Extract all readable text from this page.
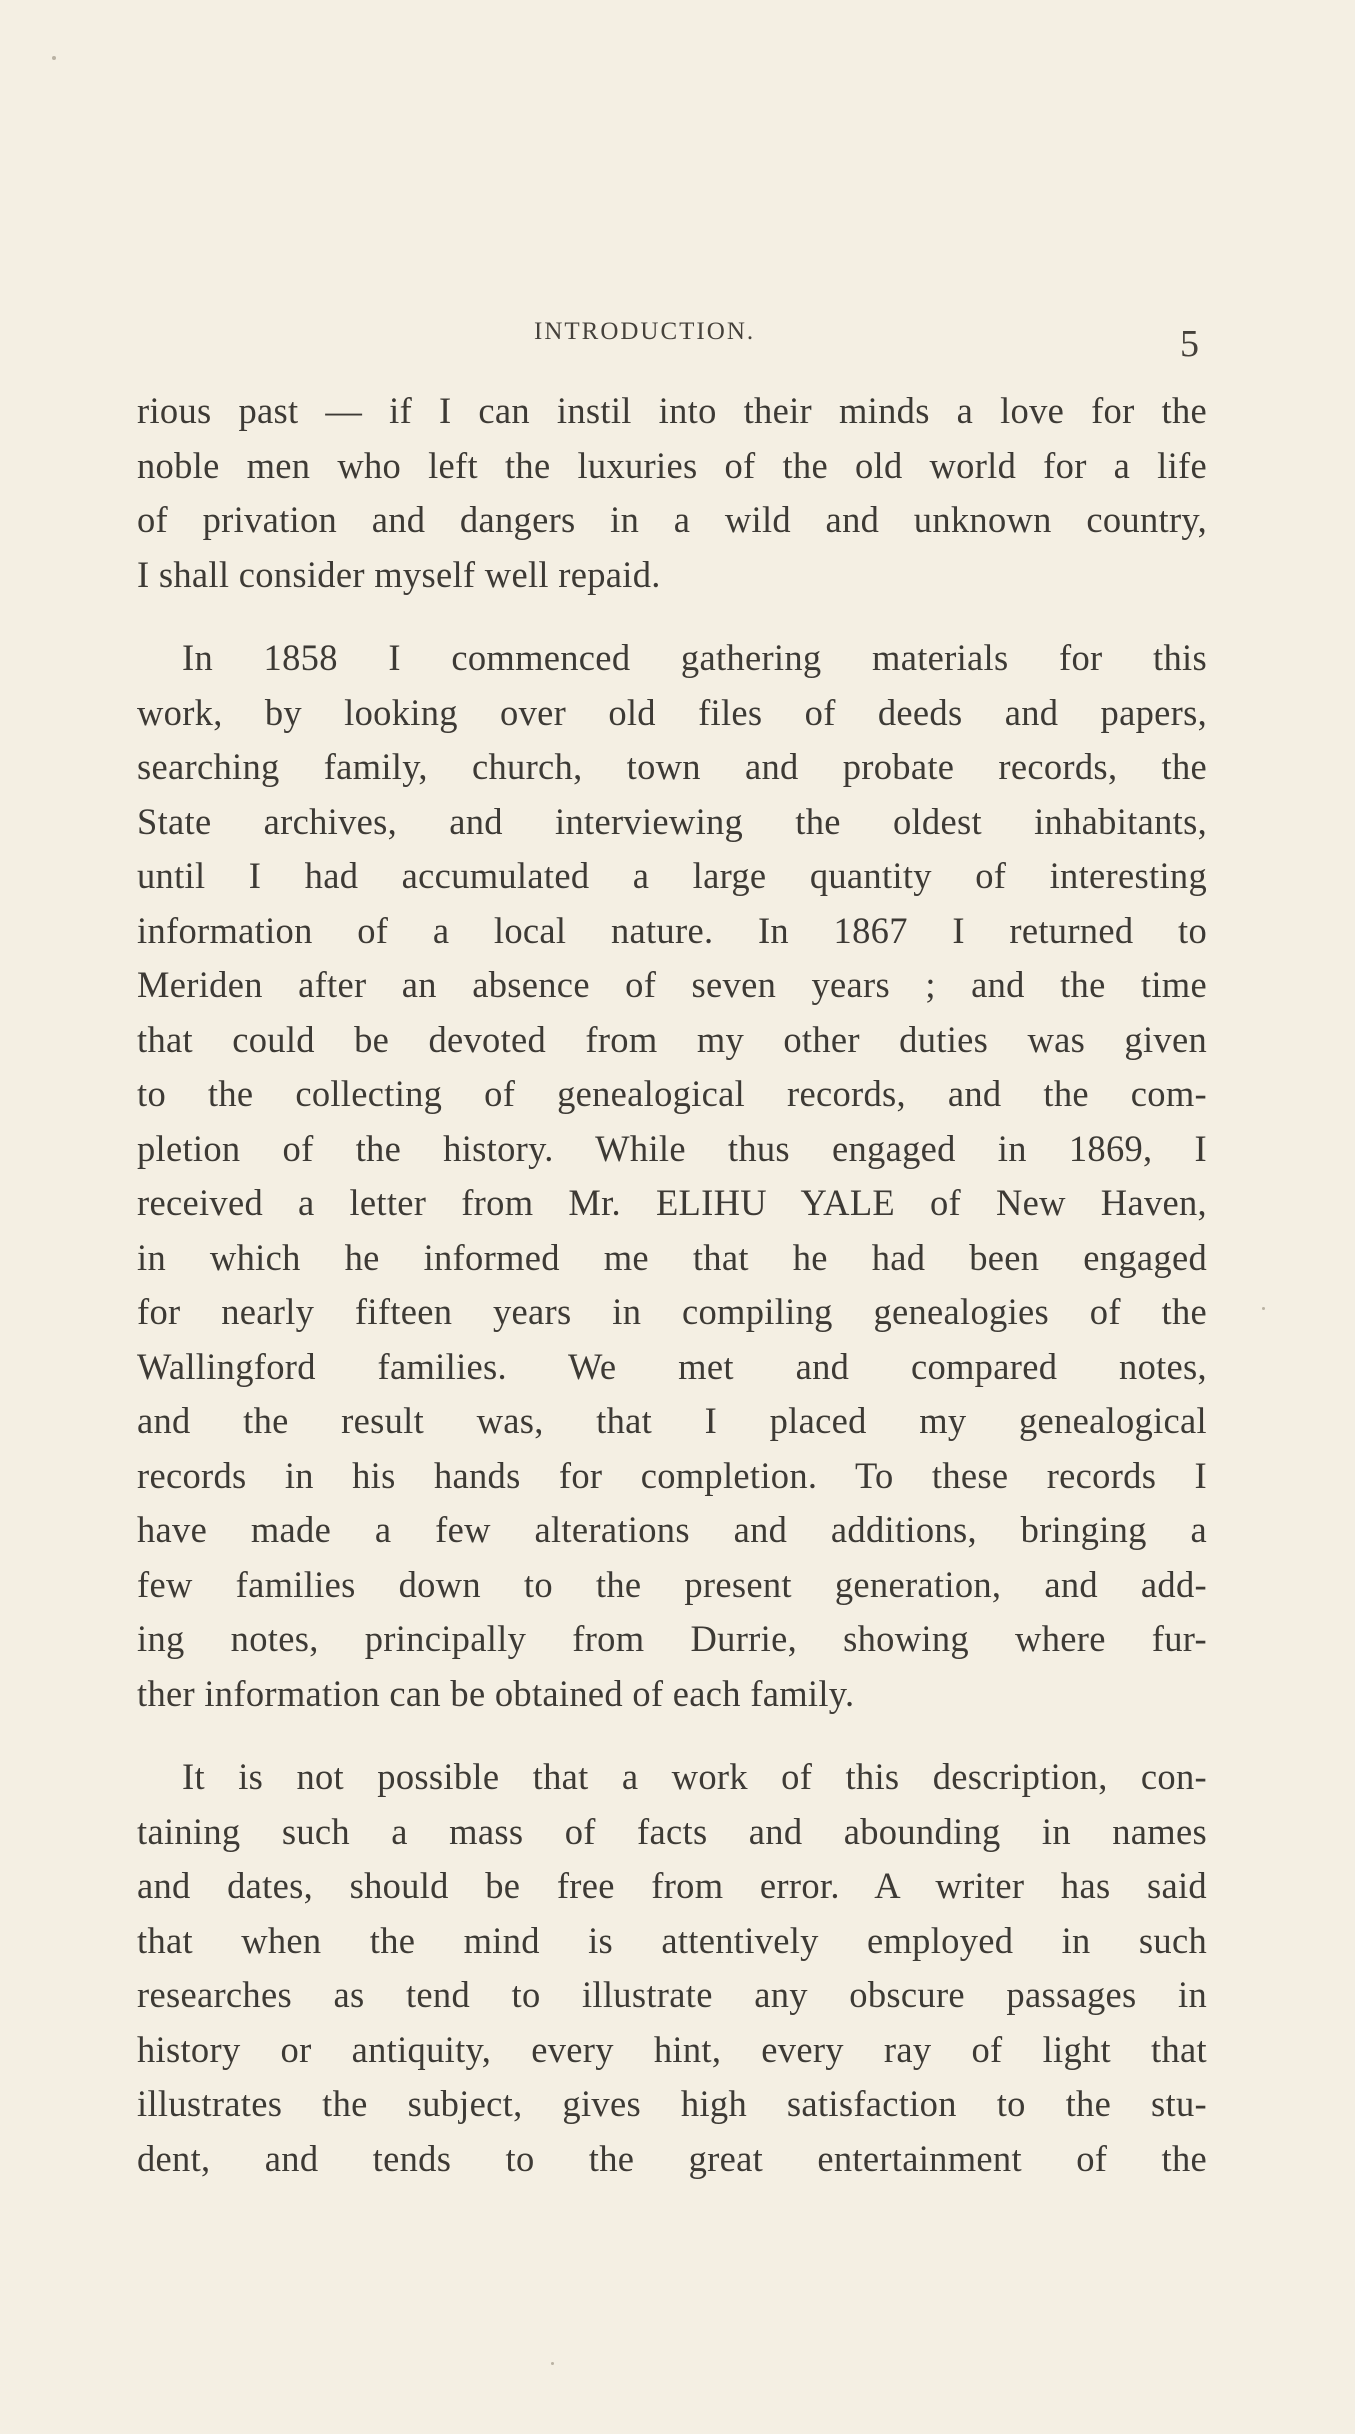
INTRODUCTION.	5
rious past — if I can instil into their minds a love for the
noble men who left the luxuries of the old world for a life
of privation and dangers in a wild and unknown country,
I shall consider myself well repaid.
In 1858 I commenced gathering materials for this
work, by looking over old files of deeds and papers,
searching family, church, town and probate records, the
State archives, and interviewing the oldest inhabitants,
until I had accumulated a large quantity of interesting
information of a local nature. In 1867 I returned to
Meriden after an absence of seven years ; and the time
that could be devoted from my other duties was given
to the collecting of genealogical records, and the com-
pletion of the history. While thus engaged in 1869, I
received a letter from Mr. ELIHU YALE of New Haven,
in which he informed me that he had been engaged
for nearly fifteen years in compiling genealogies of the
Wallingford families. We met and compared notes,
and the result was, that I placed my genealogical
records in his hands for completion. To these records I
have made a few alterations and additions, bringing a
few families down to the present generation, and add-
ing notes, principally from Durrie, showing where fur-
ther information can be obtained of each family.
It is not possible that a work of this description, con-
taining such a mass of facts and abounding in names
and dates, should be free from error. A writer has said
that when the mind is attentively employed in such
researches as tend to illustrate any obscure passages in
history or antiquity, every hint, every ray of light that
illustrates the subject, gives high satisfaction to the stu-
dent, and tends to the great entertainment of the
